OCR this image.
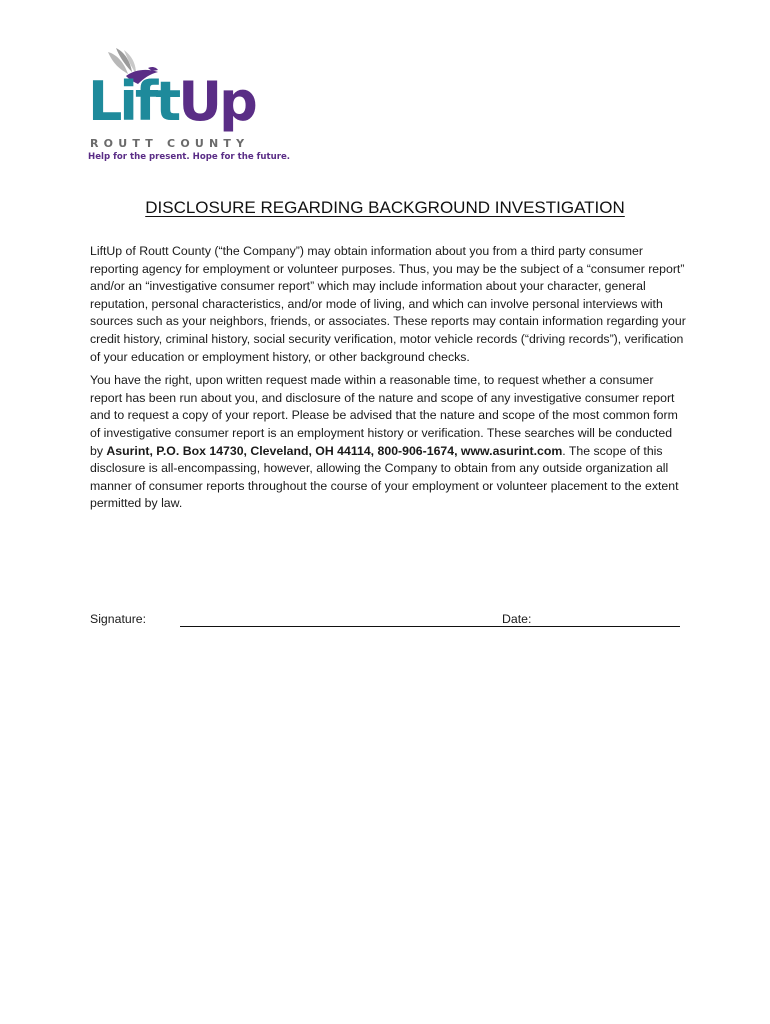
LiftUp
ROUTT COUNTY
Help for the present. Hope for the future.
DISCLOSURE REGARDING BACKGROUND INVESTIGATION

LiftUp of Routt County (“the Company”) may obtain information about you from a third party consumer reporting agency for employment or volunteer purposes. Thus, you may be the subject of a “consumer report” and/or an “investigative consumer report” which may include information about your character, general reputation, personal characteristics, and/or mode of living, and which can involve personal interviews with sources such as your neighbors, friends, or associates. These reports may contain information regarding your credit history, criminal history, social security verification, motor vehicle records (“driving records”), verification of your education or employment history, or other background checks.

You have the right, upon written request made within a reasonable time, to request whether a consumer report has been run about you, and disclosure of the nature and scope of any investigative consumer report and to request a copy of your report. Please be advised that the nature and scope of the most common form of investigative consumer report is an employment history or verification. These searches will be conducted by Asurint, P.O. Box 14730, Cleveland, OH 44114, 800-906-1674, www.asurint.com. The scope of this disclosure is all-encompassing, however, allowing the Company to obtain from any outside organization all manner of consumer reports throughout the course of your employment or volunteer placement to the extent permitted by law.

Signature:	Date:
